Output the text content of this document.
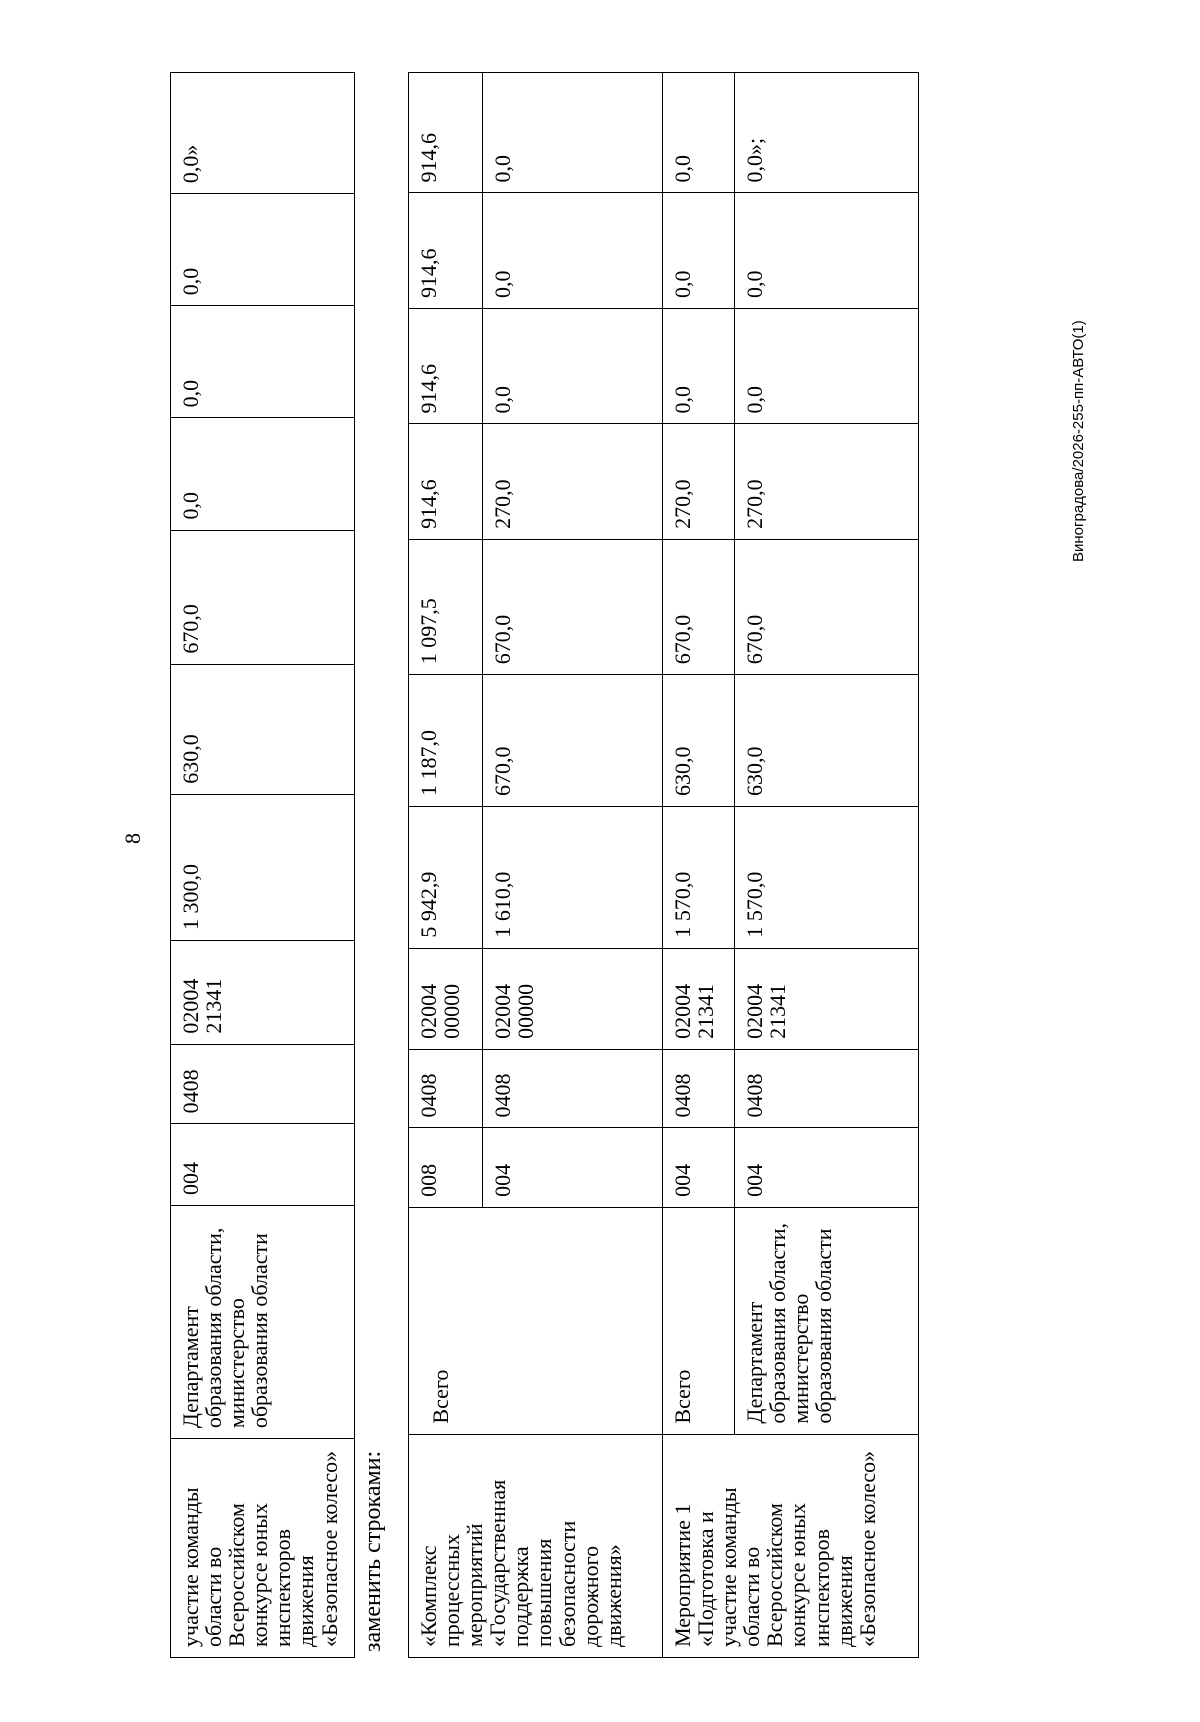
8
участие команды области во Всероссийском конкурсе юных инспекторов движения «Безопасное колесо»	Департамент образования области, министерство образования области	004	0408	02004 21341	1 300,0	630,0	670,0	0,0	0,0	0,0	0,0»
заменить строками: «Комплекс процессных мероприятий «Государственная поддержка повышения безопасности дорожного движения»	Всего	008	0408	02004 00000	5 942,9	1 187,0	1 097,5	914,6	914,6	914,6	914,6
		004	0408	02004 00000	1 610,0	670,0	670,0	270,0	0,0	0,0	0,0
Мероприятие 1 «Подготовка и участие команды области во Всероссийском конкурсе юных инспекторов движения «Безопасное колесо»	Всего	004	0408	02004 21341	1 570,0	630,0	670,0	270,0	0,0	0,0	0,0
	Департамент образования области, министерство образования области	004	0408	02004 21341	1 570,0	630,0	670,0	270,0	0,0	0,0	0,0»;
Виноградова/2026-255-пп-АВТО(1)
